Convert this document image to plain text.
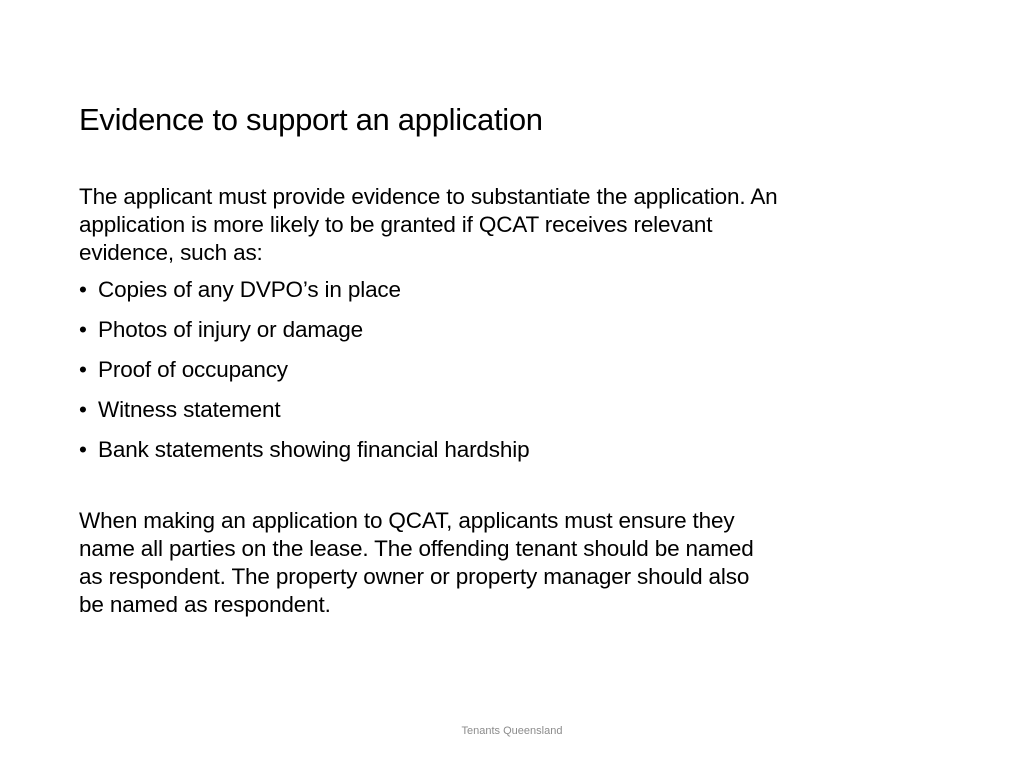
Evidence to support an application

The applicant must provide evidence to substantiate the application. An application is more likely to be granted if QCAT receives relevant evidence, such as:

• Copies of any DVPO’s in place
• Photos of injury or damage
• Proof of occupancy
• Witness statement
• Bank statements showing financial hardship

When making an application to QCAT, applicants must ensure they name all parties on the lease. The offending tenant should be named as respondent. The property owner or property manager should also be named as respondent.

Tenants Queensland
